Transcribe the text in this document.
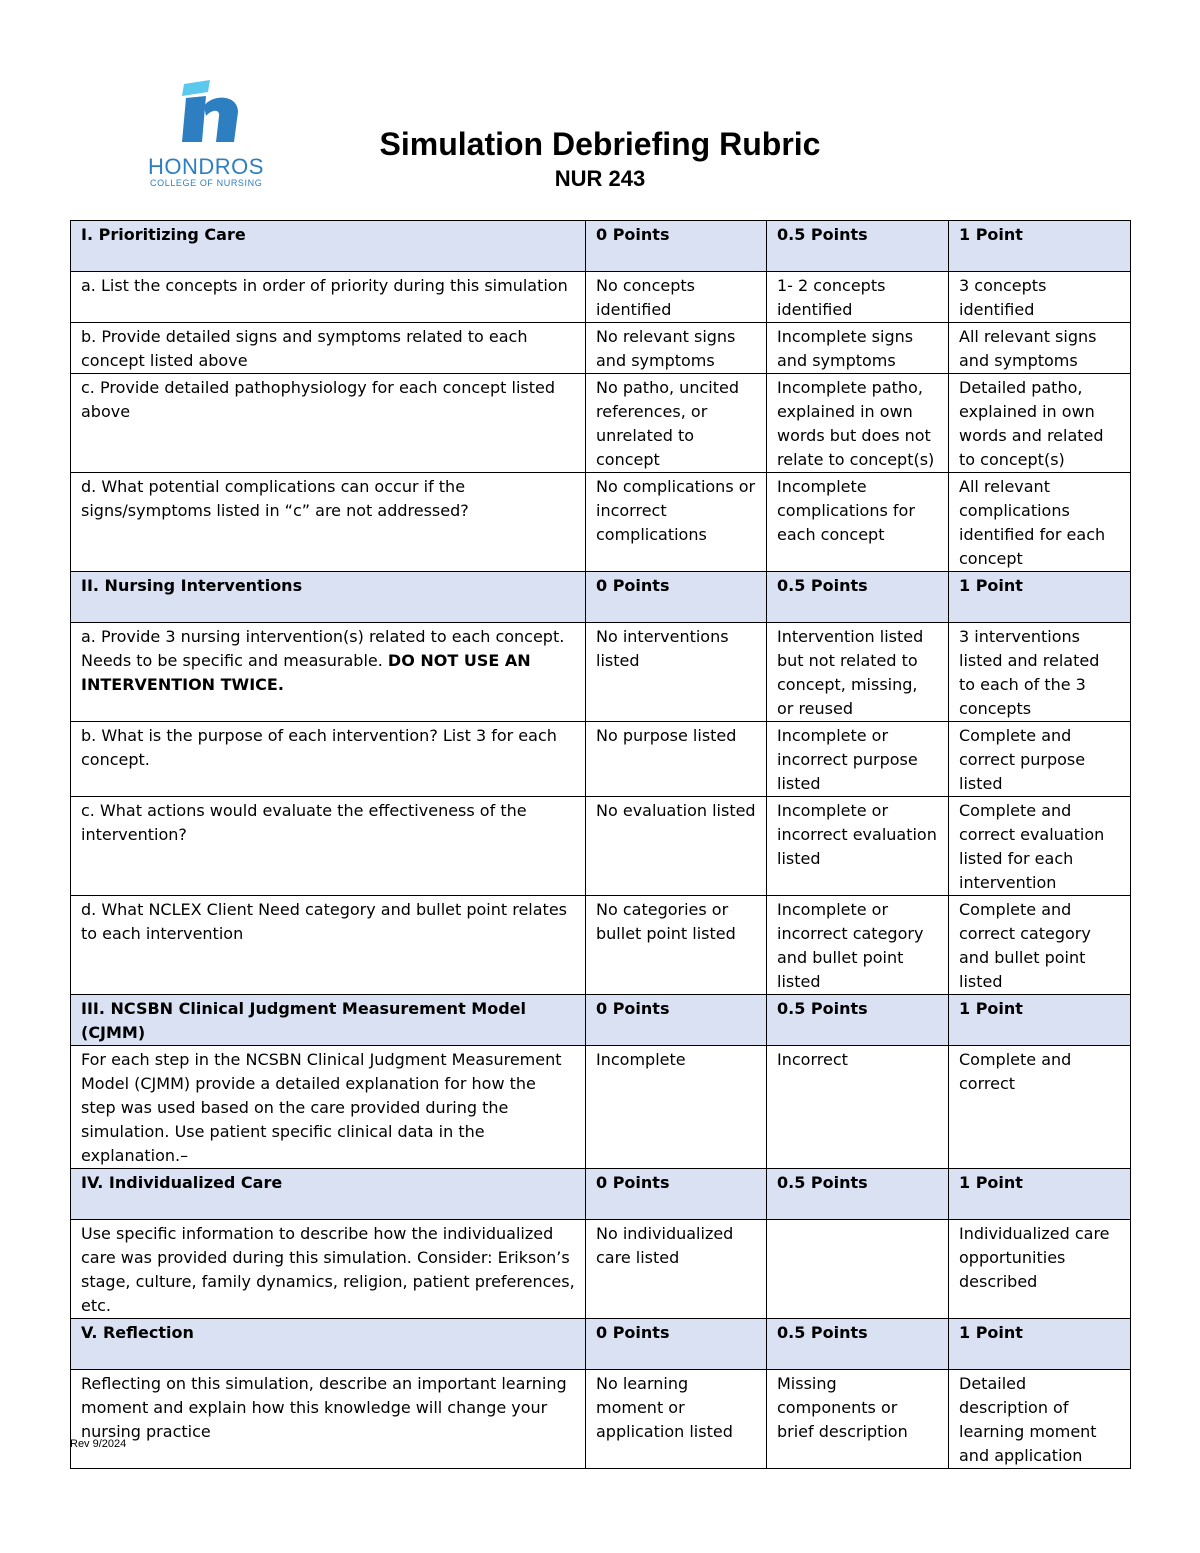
HONDROS
COLLEGE OF NURSING
Simulation Debriefing Rubric
NUR 243
I. Prioritizing Care	0 Points	0.5 Points	1 Point
a. List the concepts in order of priority during this simulation	No concepts identified	1- 2 concepts identified	3 concepts identified
b. Provide detailed signs and symptoms related to each concept listed above	No relevant signs and symptoms	Incomplete signs and symptoms	All relevant signs and symptoms
c. Provide detailed pathophysiology for each concept listed above	No patho, uncited references, or unrelated to concept	Incomplete patho, explained in own words but does not relate to concept(s)	Detailed patho, explained in own words and related to concept(s)
d. What potential complications can occur if the signs/symptoms listed in “c” are not addressed?	No complications or incorrect complications	Incomplete complications for each concept	All relevant complications identified for each concept
II. Nursing Interventions	0 Points	0.5 Points	1 Point
a. Provide 3 nursing intervention(s) related to each concept. Needs to be specific and measurable. DO NOT USE AN INTERVENTION TWICE.	No interventions listed	Intervention listed but not related to concept, missing, or reused	3 interventions listed and related to each of the 3 concepts
b. What is the purpose of each intervention? List 3 for each concept.	No purpose listed	Incomplete or incorrect purpose listed	Complete and correct purpose listed
c. What actions would evaluate the effectiveness of the intervention?	No evaluation listed	Incomplete or incorrect evaluation listed	Complete and correct evaluation listed for each intervention
d. What NCLEX Client Need category and bullet point relates to each intervention	No categories or bullet point listed	Incomplete or incorrect category and bullet point listed	Complete and correct category and bullet point listed
III. NCSBN Clinical Judgment Measurement Model (CJMM)	0 Points	0.5 Points	1 Point
For each step in the NCSBN Clinical Judgment Measurement Model (CJMM) provide a detailed explanation for how the step was used based on the care provided during the simulation. Use patient specific clinical data in the explanation.–	Incomplete	Incorrect	Complete and correct
IV. Individualized Care	0 Points	0.5 Points	1 Point
Use specific information to describe how the individualized care was provided during this simulation. Consider: Erikson’s stage, culture, family dynamics, religion, patient preferences, etc.	No individualized care listed		Individualized care opportunities described
V. Reflection	0 Points	0.5 Points	1 Point
Reflecting on this simulation, describe an important learning moment and explain how this knowledge will change your nursing practice	No learning moment or application listed	Missing components or brief description	Detailed description of learning moment and application
Rev 9/2024
